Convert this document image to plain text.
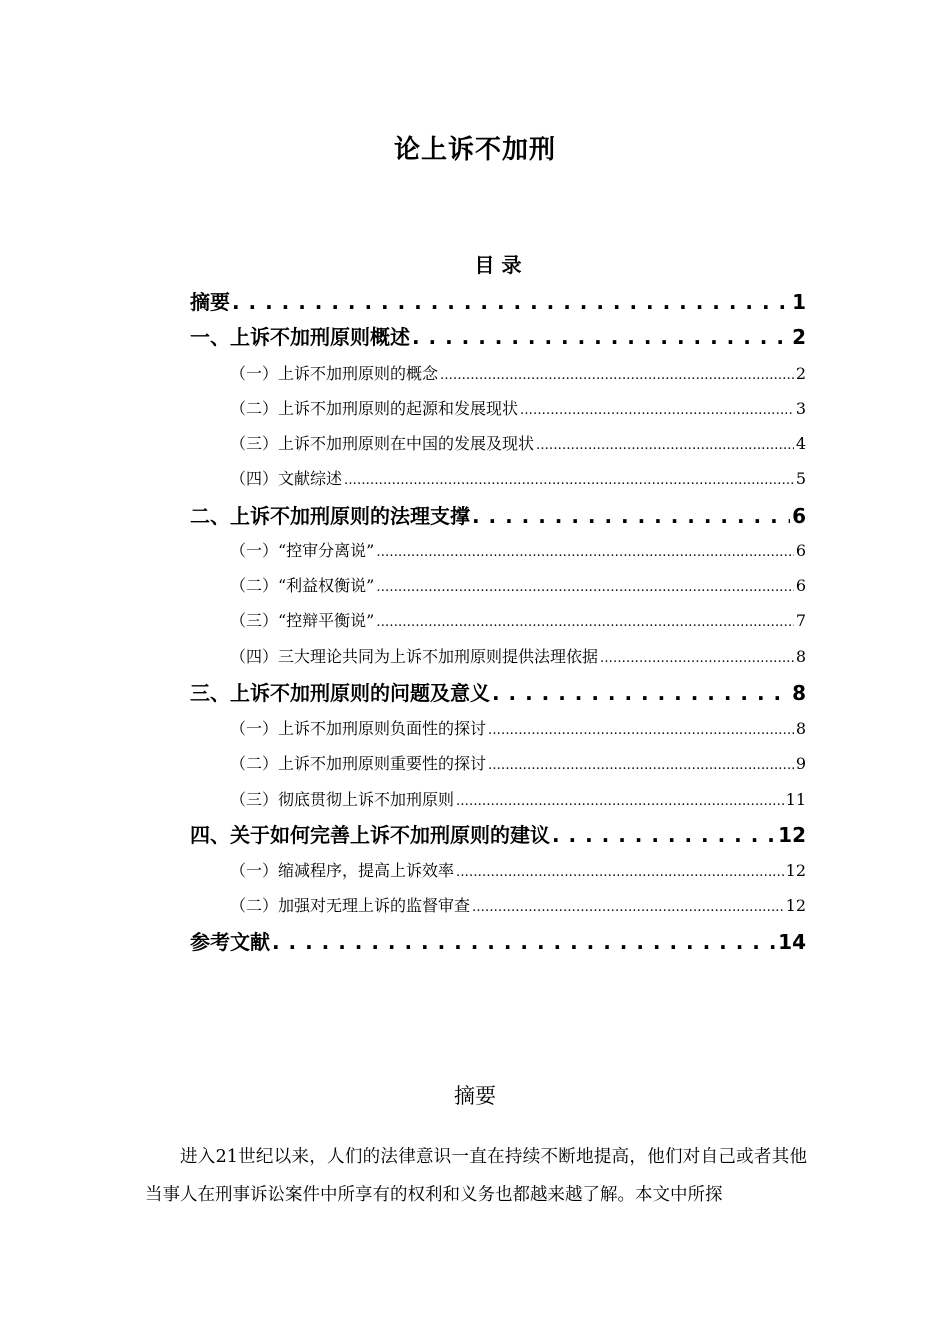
论上诉不加刑
目 录
摘要 . . .	1
一、上诉不加刑原则概述 . . .	2
（一）上诉不加刑原则的概念 .....	2
（二）上诉不加刑原则的起源和发展现状 .....	3
（三）上诉不加刑原则在中国的发展及现状 .....	4
（四）文献综述 .....	5
二、上诉不加刑原则的法理支撑 . . .	6
（一）“控审分离说” .....	6
（二）“利益权衡说” .....	6
（三）“控辩平衡说” .....	7
（四）三大理论共同为上诉不加刑原则提供法理依据 .....	8
三、上诉不加刑原则的问题及意义 . . .	8
（一）上诉不加刑原则负面性的探讨 .....	8
（二）上诉不加刑原则重要性的探讨 .....	9
（三）彻底贯彻上诉不加刑原则 .....	11
四、关于如何完善上诉不加刑原则的建议 . . .	12
（一）缩减程序，提高上诉效率 .....	12
（二）加强对无理上诉的监督审查 .....	12
参考文献 . . .	14
摘要

进入21世纪以来，人们的法律意识一直在持续不断地提高，他们对自己或者其他当事人在刑事诉讼案件中所享有的权利和义务也都越来越了解。本文中所探
